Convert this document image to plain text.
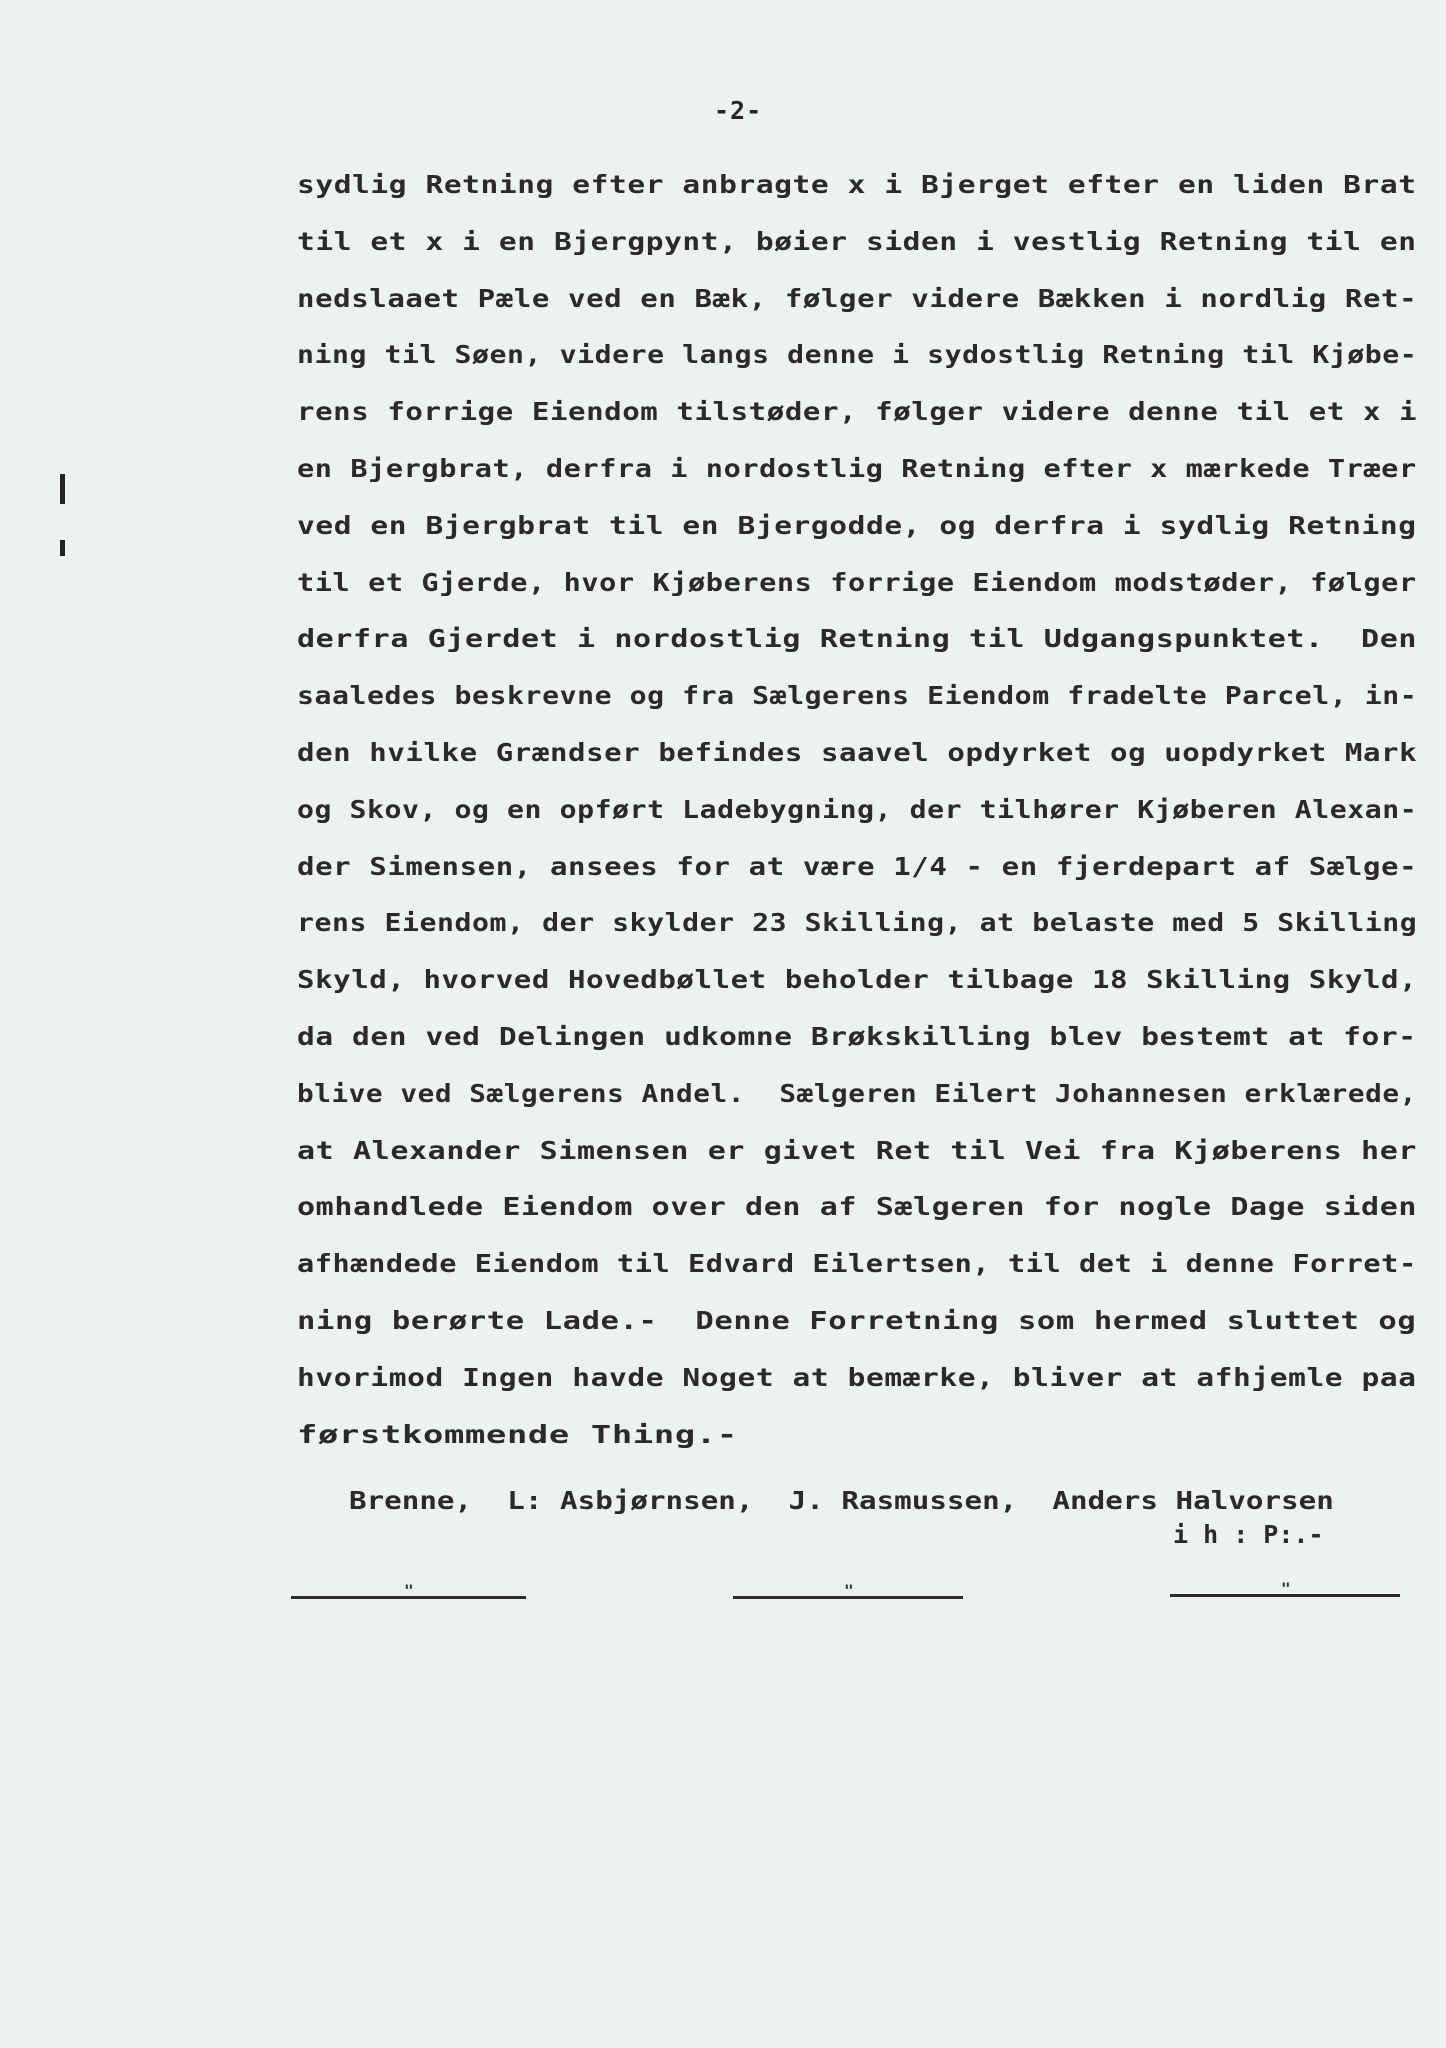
-2-
sydlig Retning efter anbragte x i Bjerget efter en liden Brat
til et x i en Bjergpynt, bøier siden i vestlig Retning til en
nedslaaet Pæle ved en Bæk, følger videre Bækken i nordlig Ret-
ning til Søen, videre langs denne i sydostlig Retning til Kjøbe-
rens forrige Eiendom tilstøder, følger videre denne til et x i
en Bjergbrat, derfra i nordostlig Retning efter x mærkede Træer
ved en Bjergbrat til en Bjergodde, og derfra i sydlig Retning
til et Gjerde, hvor Kjøberens forrige Eiendom modstøder, følger
derfra Gjerdet i nordostlig Retning til Udgangspunktet.  Den
saaledes beskrevne og fra Sælgerens Eiendom fradelte Parcel, in-
den hvilke Grændser befindes saavel opdyrket og uopdyrket Mark
og Skov, og en opført Ladebygning, der tilhører Kjøberen Alexan-
der Simensen, ansees for at være 1/4 - en fjerdepart af Sælge-
rens Eiendom, der skylder 23 Skilling, at belaste med 5 Skilling
Skyld, hvorved Hovedbøllet beholder tilbage 18 Skilling Skyld,
da den ved Delingen udkomne Brøkskilling blev bestemt at for-
blive ved Sælgerens Andel.  Sælgeren Eilert Johannesen erklærede,
at Alexander Simensen er givet Ret til Vei fra Kjøberens her
omhandlede Eiendom over den af Sælgeren for nogle Dage siden
afhændede Eiendom til Edvard Eilertsen, til det i denne Forret-
ning berørte Lade.-  Denne Forretning som hermed sluttet og
hvorimod Ingen havde Noget at bemærke, bliver at afhjemle paa
førstkommende Thing.-
Brenne,  L: Asbjørnsen,  J. Rasmussen,  Anders Halvorsen
i h : P:.-
"	"	"
